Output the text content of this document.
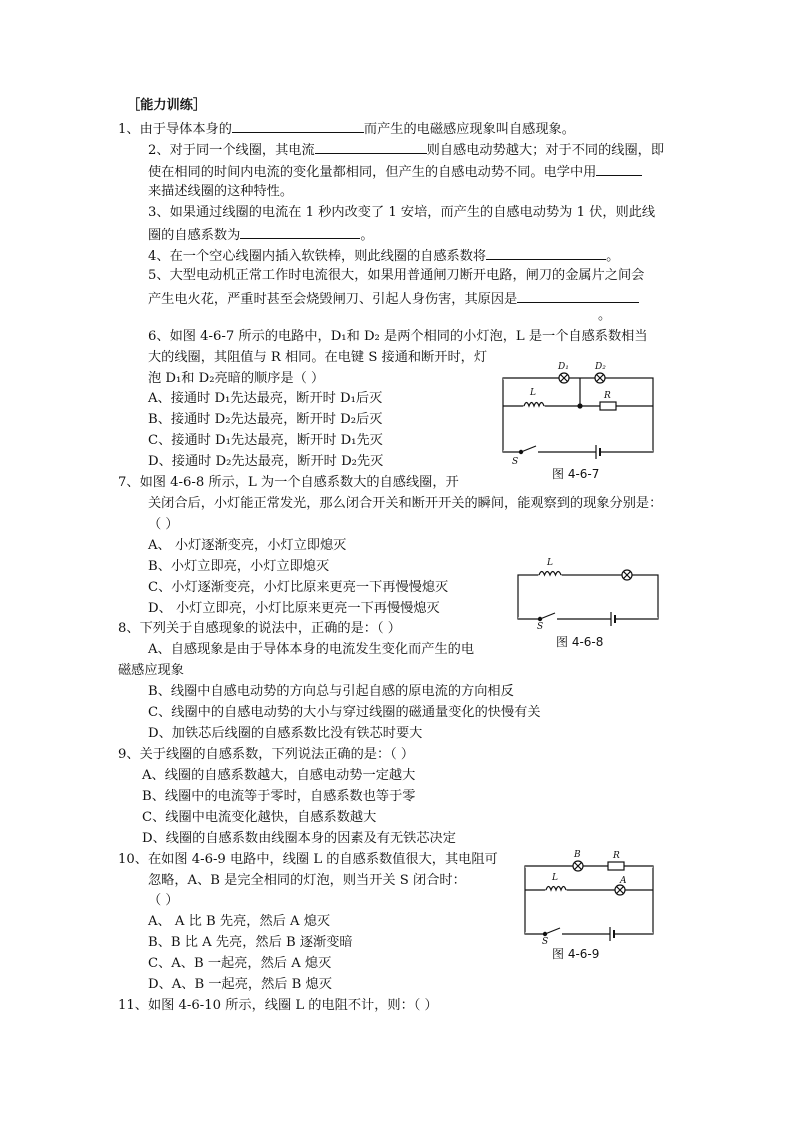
［能力训练］
1、由于导体本身的	而产生的电磁感应现象叫自感现象。
2、对于同一个线圈，其电流	则自感电动势越大；对于不同的线圈，即
使在相同的时间内电流的变化量都相同，但产生的自感电动势不同。电学中用
来描述线圈的这种特性。
3、如果通过线圈的电流在 1 秒内改变了 1 安培，而产生的自感电动势为 1 伏，则此线
圈的自感系数为	。
4、在一个空心线圈内插入软铁棒，则此线圈的自感系数将	。
5、大型电动机正常工作时电流很大，如果用普通闸刀断开电路，闸刀的金属片之间会
产生电火花，严重时甚至会烧毁闸刀、引起人身伤害，其原因是
。
6、如图 4-6-7 所示的电路中，D₁和 D₂ 是两个相同的小灯泡，L 是一个自感系数相当
大的线圈，其阻值与 R 相同。在电键 S 接通和断开时，灯
泡 D₁和 D₂亮暗的顺序是（ ）
A、接通时 D₁先达最亮，断开时 D₁后灭
B、接通时 D₂先达最亮，断开时 D₂后灭
C、接通时 D₁先达最亮，断开时 D₁先灭
D、接通时 D₂先达最亮，断开时 D₂先灭
D₁	D₂
L	R
S
图 4-6-7
7、如图 4-6-8 所示，L 为一个自感系数大的自感线圈，开
关闭合后，小灯能正常发光，那么闭合开关和断开开关的瞬间，能观察到的现象分别是：
（ ）
A、 小灯逐渐变亮，小灯立即熄灭
B、小灯立即亮，小灯立即熄灭
C、小灯逐渐变亮，小灯比原来更亮一下再慢慢熄灭
D、 小灯立即亮，小灯比原来更亮一下再慢慢熄灭
L
S
图 4-6-8
8、下列关于自感现象的说法中，正确的是：（ ）
A、自感现象是由于导体本身的电流发生变化而产生的电
磁感应现象
B、线圈中自感电动势的方向总与引起自感的原电流的方向相反
C、线圈中的自感电动势的大小与穿过线圈的磁通量变化的快慢有关
D、加铁芯后线圈的自感系数比没有铁芯时要大
9、关于线圈的自感系数，下列说法正确的是：（ ）
A、线圈的自感系数越大，自感电动势一定越大
B、线圈中的电流等于零时，自感系数也等于零
C、线圈中电流变化越快，自感系数越大
D、线圈的自感系数由线圈本身的因素及有无铁芯决定
10、在如图 4-6-9 电路中，线圈 L 的自感系数值很大，其电阻可
忽略，A、B 是完全相同的灯泡，则当开关 S 闭合时：
（ ）
A、 A 比 B 先亮，然后 A 熄灭
B、B 比 A 先亮，然后 B 逐渐变暗
C、A、B 一起亮，然后 A 熄灭
D、A、B 一起亮，然后 B 熄灭
B	R
L	A
S
图 4-6-9
11、如图 4-6-10 所示，线圈 L 的电阻不计，则：（ ）
